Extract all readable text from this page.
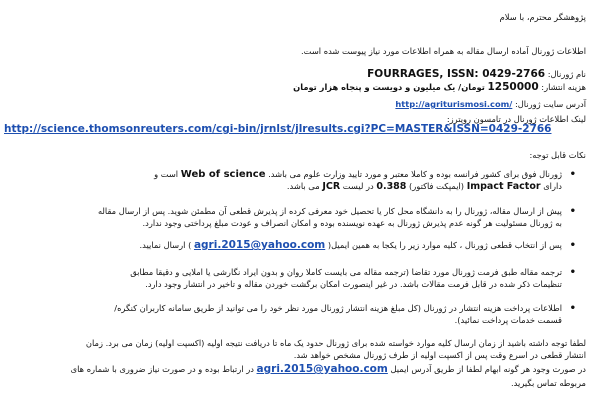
پژوهشگر محترم، با سلام
اطلاعات ژورنال آماده ارسال مقاله به همراه اطلاعات مورد نیاز پیوست شده است.
نام ژورنال: FOURRAGES, ISSN: 0429-2766
هزینه انتشار: 1250000 تومان/ یک میلیون و دویست و پنجاه هزار تومان
آدرس سایت ژورنال: http://agriturismosi.com/
لینک اطلاعات ژورنال در تامسون رویترز:
http://science.thomsonreuters.com/cgi-bin/jrnlst/jlresults.cgi?PC=MASTER&ISSN=0429-2766
نکات قابل توجه:
•
ژورنال فوق برای کشور فرانسه بوده و کاملا معتبر و مورد تایید وزارت علوم می باشد. Web of science است و
دارای Impact Factor (ایمپکت فاکتور) 0.388 در لیست JCR می باشد.
•
پیش از ارسال مقاله، ژورنال را به دانشگاه محل کار یا تحصیل خود معرفی کرده از پذیرش قطعی آن مطمئن شوید. پس از ارسال مقاله
به ژورنال مسئولیت هر گونه عدم پذیرش ژورنال به عهده نویسنده بوده و امکان انصراف و عودت مبلغ پرداختی وجود ندارد.
•
پس از انتخاب قطعی ژورنال ، کلیه موارد زیر را یکجا به همین ایمیل( agri.2015@yahoo.com ) ارسال نمایید.
•
ترجمه مقاله طبق فرمت ژورنال مورد تقاضا (ترجمه مقاله می بایست کاملا روان و بدون ایراد نگارشی یا املایی و دقیقا مطابق
تنظیمات ذکر شده در قابل فرمت مقالات باشد. در غیر اینصورت امکان برگشت خوردن مقاله و تاخیر در انتشار وجود دارد.
•
اطلاعات پرداخت هزینه انتشار در ژورنال (کل مبلغ هزینه انتشار ژورنال مورد نظر خود را می توانید از طریق سامانه کاربران کنگره/
قسمت خدمات پرداخت نمائید).
لطفا توجه داشته باشید از زمان ارسال کلیه موارد خواسته شده برای ژورنال حدود یک ماه تا دریافت نتیجه اولیه (اکسپت اولیه) زمان می برد. زمان
انتشار قطعی در اسرع وقت پس از اکسپت اولیه از طرف ژورنال مشخص خواهد شد.
در صورت وجود هر گونه ابهام لطفا از طریق آدرس ایمیل agri.2015@yahoo.com در ارتباط بوده و در صورت نیاز ضروری با شماره های
مربوطه تماس بگیرید.
